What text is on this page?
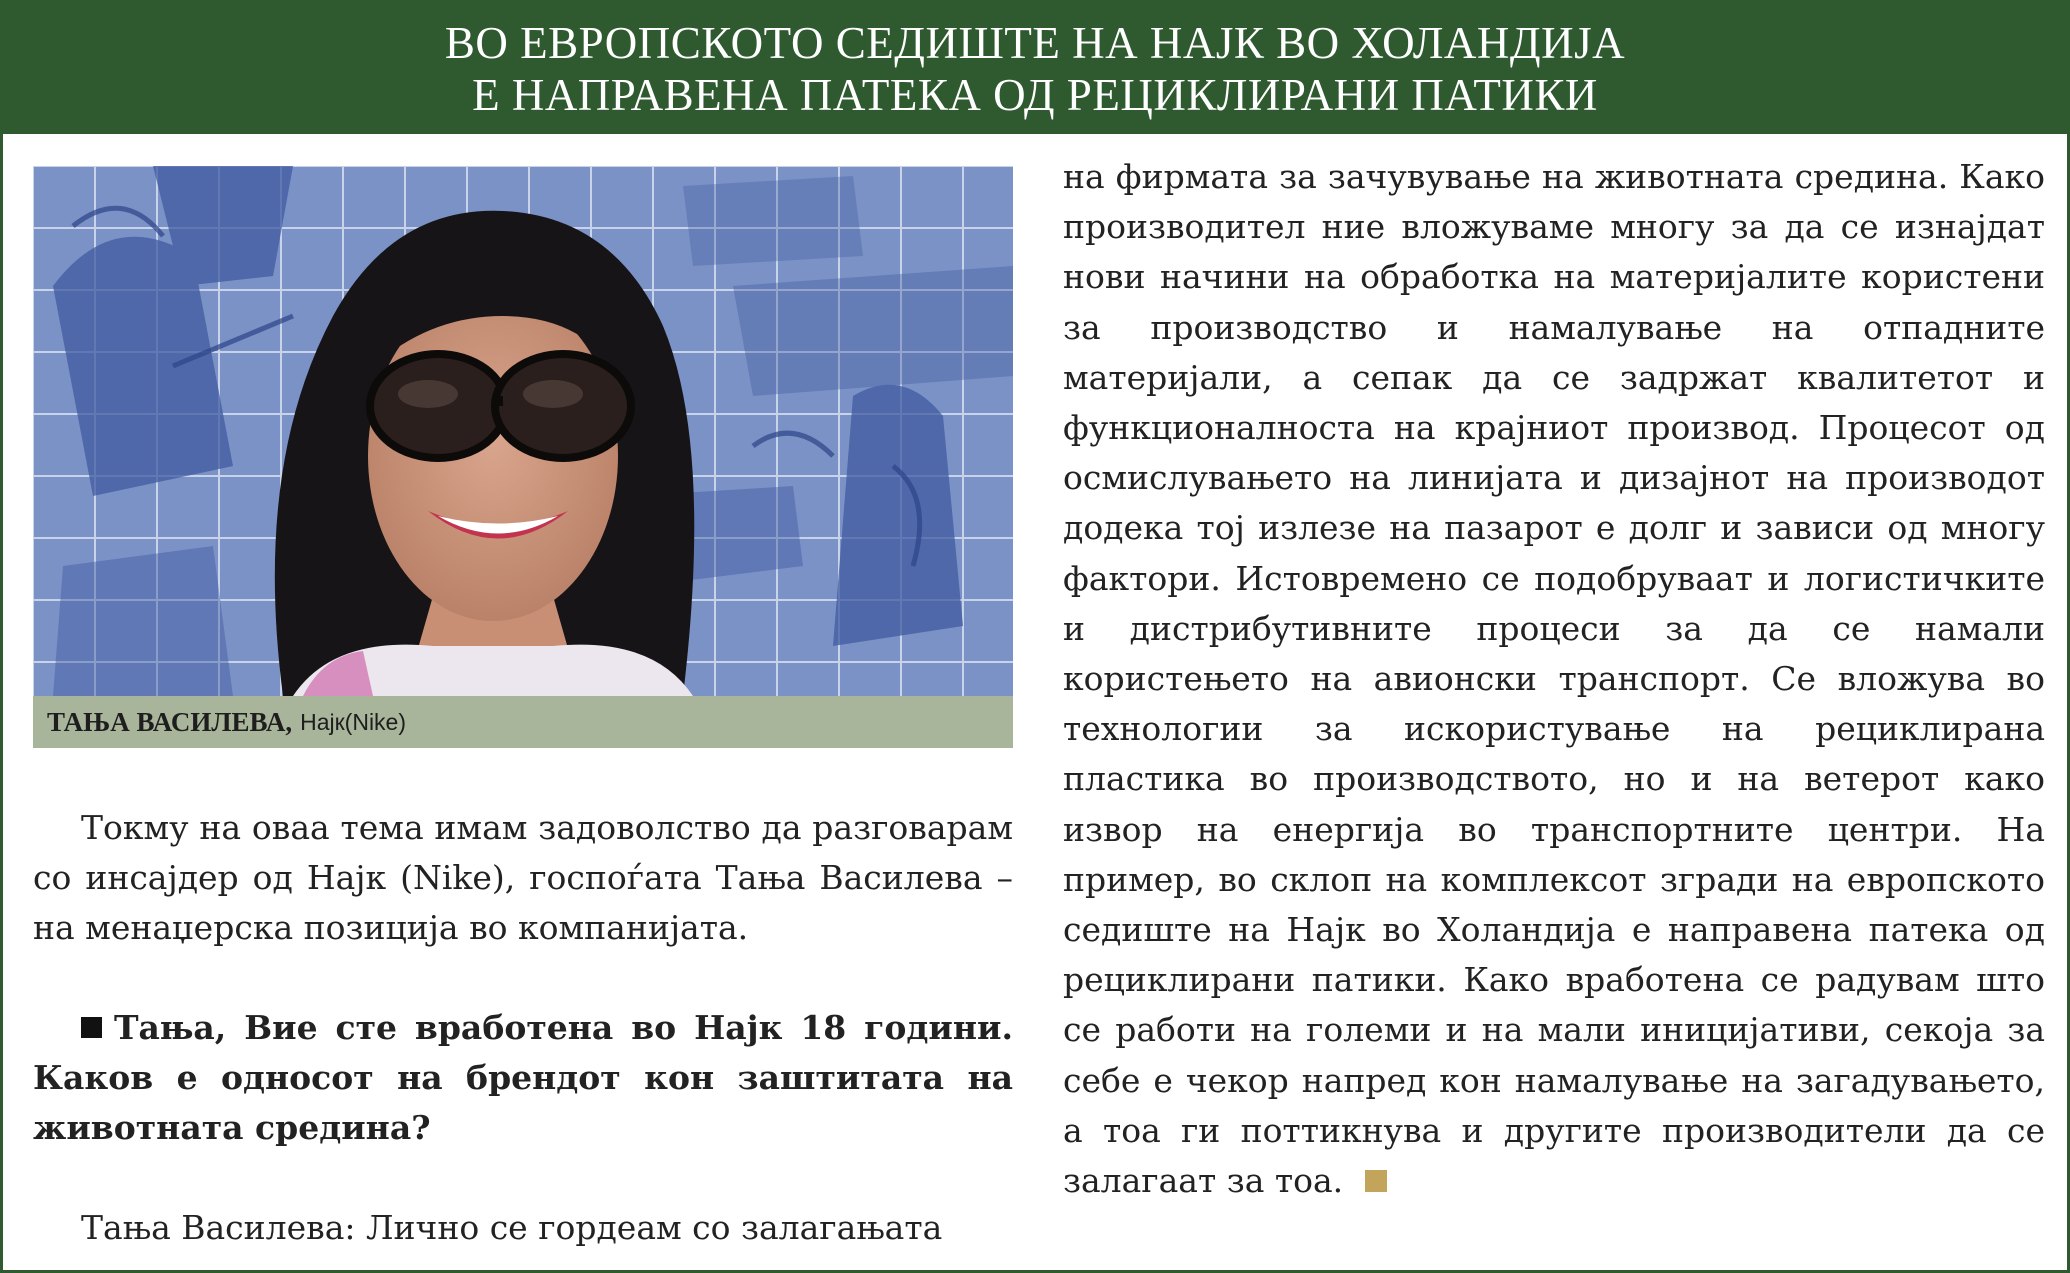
ВО ЕВРОПСКОТО СЕДИШТЕ НА НАЈК ВО ХОЛАНДИЈА
Е НАПРАВЕНА ПАТЕКА ОД РЕЦИКЛИРАНИ ПАТИКИ
ТАЊА ВАСИЛЕВА, Најк(Nike)

Токму на оваа тема имам задоволство да разговарам со инсајдер од Најк (Nike), госпоѓата Тања Василева – на менаџерска позиција во компанијата.

Тања, Вие сте вработена во Најк 18 години. Каков е односот на брендот кон заштитата на животната средина?

Тања Василева: Лично се гордеам со залагањата

на фирмата за зачувување на животната средина. Како производител ние вложуваме многу за да се изнајдат нови начини на обработка на материјалите користени за производство и намалување на отпадните материјали, а сепак да се задржат квалитетот и функционалноста на крајниот производ. Процесот од осмислувањето на линијата и дизајнот на производот додека тој излезе на пазарот е долг и зависи од многу фактори. Истовремено се подобруваат и логистичките и дистрибутивните процеси за да се намали користењето на авионски транспорт. Се вложува во технологии за искористување на рециклирана пластика во производството, но и на ветерот како извор на енергија во транспортните центри. На пример, во склоп на комплексот згради на европското седиште на Најк во Холандија е направена патека од рециклирани патики. Како вработена се радувам што се работи на големи и на мали иницијативи, секоја за себе е чекор напред кон намалување на загадувањето, а тоа ги поттикнува и другите производители да се залагаат за тоа.
